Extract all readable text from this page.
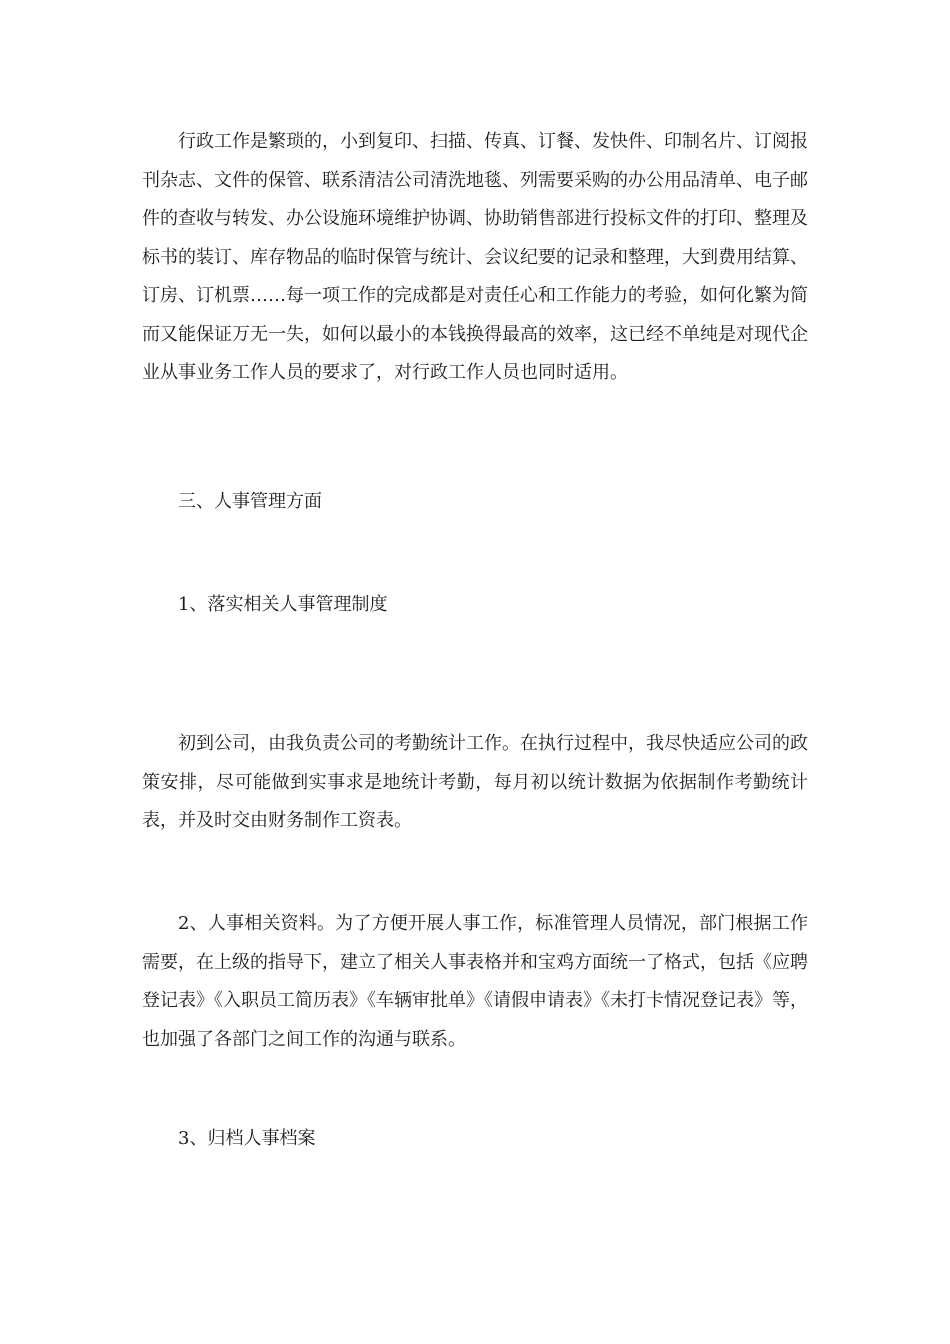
行政工作是繁琐的，小到复印、扫描、传真、订餐、发快件、印制名片、订阅报刊杂志、文件的保管、联系清洁公司清洗地毯、列需要采购的办公用品清单、电子邮件的查收与转发、办公设施环境维护协调、协助销售部进行投标文件的打印、整理及标书的装订、库存物品的临时保管与统计、会议纪要的记录和整理，大到费用结算、订房、订机票……每一项工作的完成都是对责任心和工作能力的考验，如何化繁为简而又能保证万无一失，如何以最小的本钱换得最高的效率，这已经不单纯是对现代企业从事业务工作人员的要求了，对行政工作人员也同时适用。

三、人事管理方面

1、落实相关人事管理制度

初到公司，由我负责公司的考勤统计工作。在执行过程中，我尽快适应公司的政策安排，尽可能做到实事求是地统计考勤，每月初以统计数据为依据制作考勤统计表，并及时交由财务制作工资表。

2、人事相关资料。为了方便开展人事工作，标准管理人员情况，部门根据工作需要，在上级的指导下，建立了相关人事表格并和宝鸡方面统一了格式，包括《应聘登记表》《入职员工简历表》《车辆审批单》《请假申请表》《未打卡情况登记表》等，也加强了各部门之间工作的沟通与联系。

3、归档人事档案
